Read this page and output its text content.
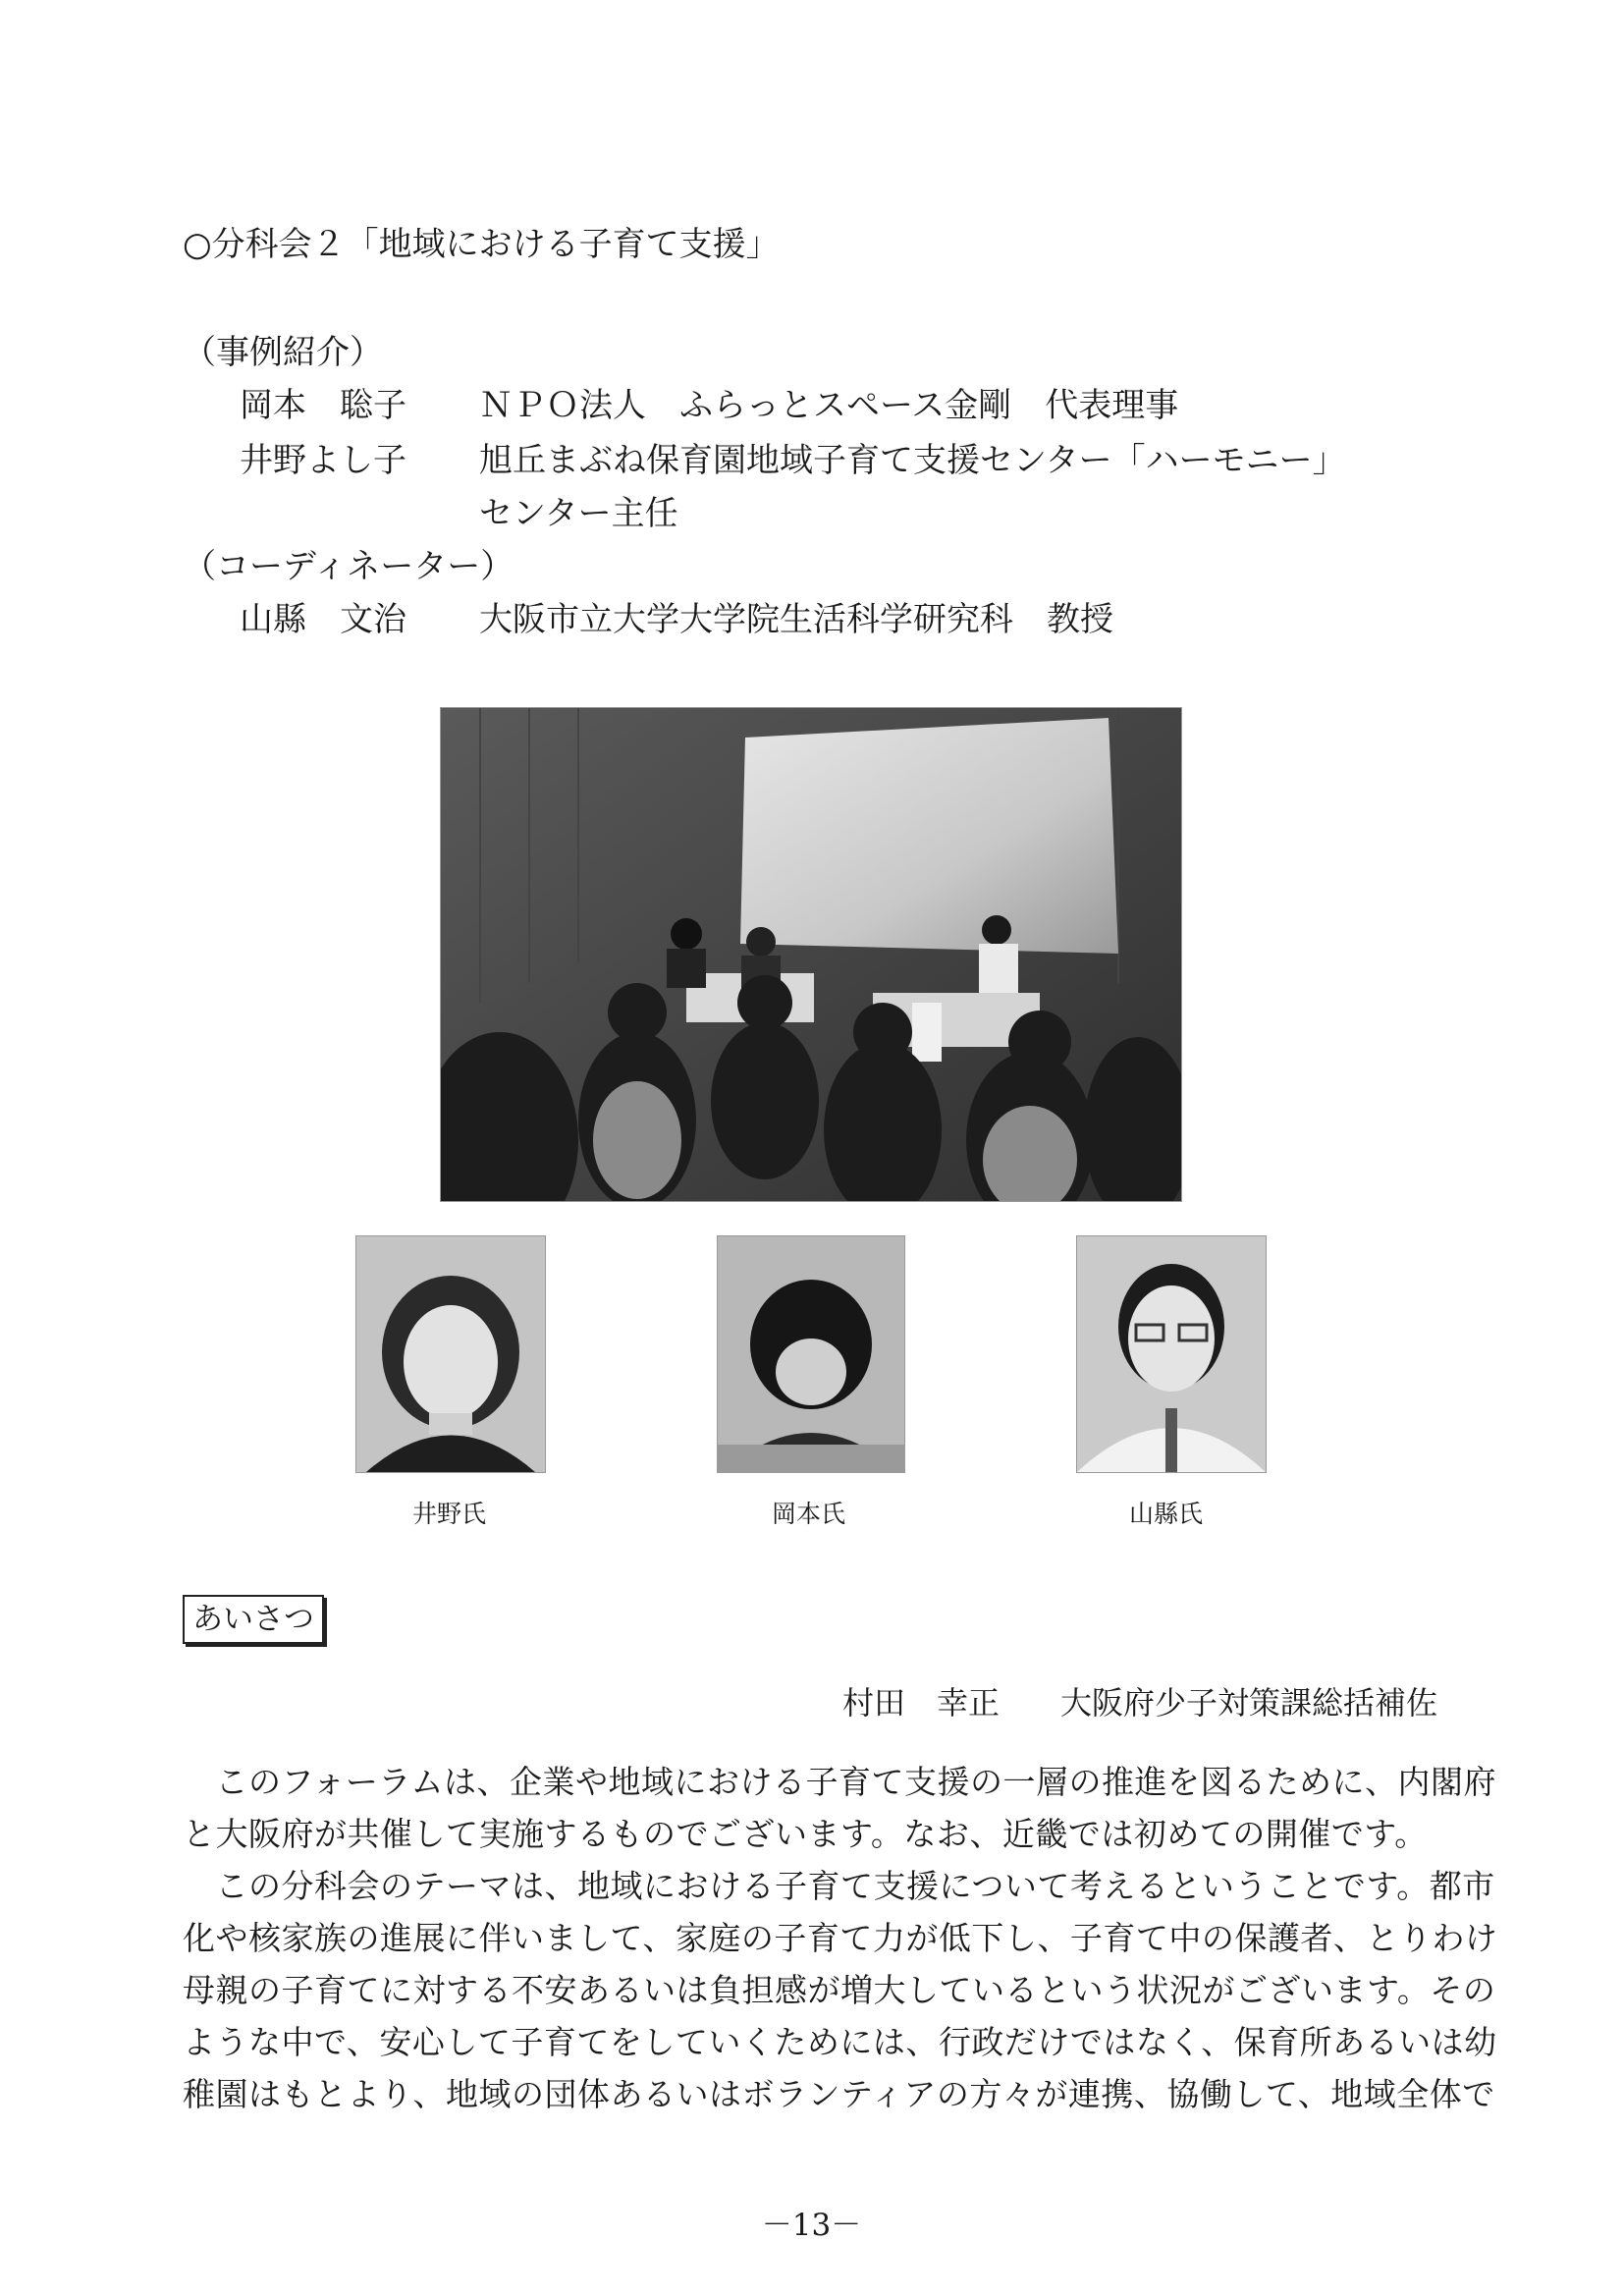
○分科会２「地域における子育て支援」
（事例紹介）
岡本　聡子	ＮＰＯ法人　ふらっとスペース金剛　代表理事
井野よし子	旭丘まぶね保育園地域子育て支援センター「ハーモニー」
センター主任
（コーディネーター）
山縣　文治	大阪市立大学大学院生活科学研究科　教授
井野氏	岡本氏	山縣氏
あいさつ
村田　幸正 大阪府少子対策課総括補佐
　このフォーラムは、企業や地域における子育て支援の一層の推進を図るために、内閣府
と大阪府が共催して実施するものでございます。なお、近畿では初めての開催です。
　この分科会のテーマは、地域における子育て支援について考えるということです。都市
化や核家族の進展に伴いまして、家庭の子育て力が低下し、子育て中の保護者、とりわけ
母親の子育てに対する不安あるいは負担感が増大しているという状況がございます。その
ような中で、安心して子育てをしていくためには、行政だけではなく、保育所あるいは幼
稚園はもとより、地域の団体あるいはボランティアの方々が連携、協働して、地域全体で
－13－
